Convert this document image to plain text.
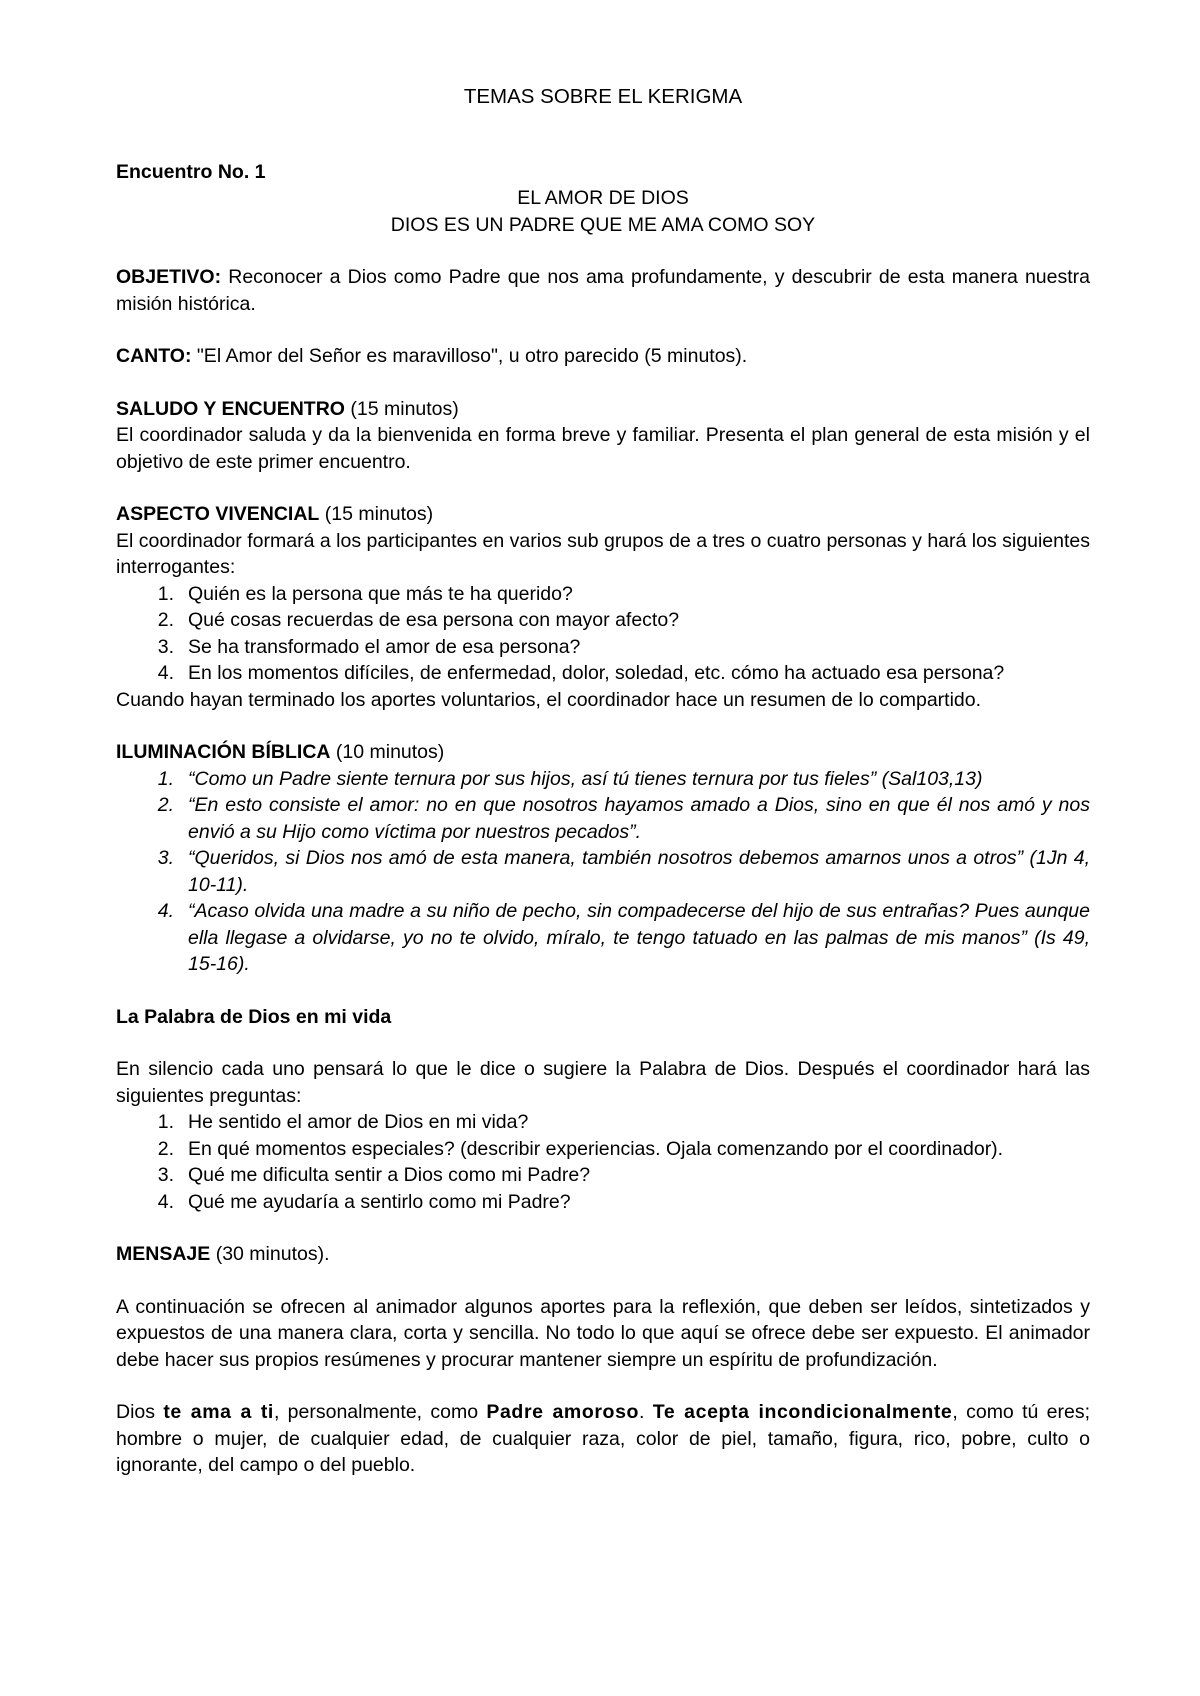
TEMAS SOBRE EL KERIGMA

Encuentro No. 1

EL AMOR DE DIOS

DIOS ES UN PADRE QUE ME AMA COMO SOY

OBJETIVO: Reconocer a Dios como Padre que nos ama profundamente, y descubrir de esta manera nuestra misión histórica.

CANTO: "El Amor del Señor es maravilloso", u otro parecido (5 minutos).

SALUDO Y ENCUENTRO (15 minutos)

El coordinador saluda y da la bienvenida en forma breve y familiar. Presenta el plan general de esta misión y el objetivo de este primer encuentro.

ASPECTO VIVENCIAL (15 minutos)

El coordinador formará a los participantes en varios sub grupos de a tres o cuatro personas y hará los siguientes interrogantes:

1. Quién es la persona que más te ha querido?
2. Qué cosas recuerdas de esa persona con mayor afecto?
3. Se ha transformado el amor de esa persona?
4. En los momentos difíciles, de enfermedad, dolor, soledad, etc. cómo ha actuado esa persona?

Cuando hayan terminado los aportes voluntarios, el coordinador hace un resumen de lo compartido.

ILUMINACIÓN BÍBLICA (10 minutos)

1. “Como un Padre siente ternura por sus hijos, así tú tienes ternura por tus fieles” (Sal103,13)
2. “En esto consiste el amor: no en que nosotros hayamos amado a Dios, sino en que él nos amó y nos envió a su Hijo como víctima por nuestros pecados”.
3. “Queridos, si Dios nos amó de esta manera, también nosotros debemos amarnos unos a otros” (1Jn 4, 10-11).
4. “Acaso olvida una madre a su niño de pecho, sin compadecerse del hijo de sus entrañas? Pues aunque ella llegase a olvidarse, yo no te olvido, míralo, te tengo tatuado en las palmas de mis manos” (Is 49, 15-16).

La Palabra de Dios en mi vida

En silencio cada uno pensará lo que le dice o sugiere la Palabra de Dios. Después el coordinador hará las siguientes preguntas:

1. He sentido el amor de Dios en mi vida?
2. En qué momentos especiales? (describir experiencias. Ojala comenzando por el coordinador).
3. Qué me dificulta sentir a Dios como mi Padre?
4. Qué me ayudaría a sentirlo como mi Padre?

MENSAJE (30 minutos).

A continuación se ofrecen al animador algunos aportes para la reflexión, que deben ser leídos, sintetizados y expuestos de una manera clara, corta y sencilla. No todo lo que aquí se ofrece debe ser expuesto. El animador debe hacer sus propios resúmenes y procurar mantener siempre un espíritu de profundización.

Dios te ama a ti, personalmente, como Padre amoroso. Te acepta incondicionalmente, como tú eres; hombre o mujer, de cualquier edad, de cualquier raza, color de piel, tamaño, figura, rico, pobre, culto o ignorante, del campo o del pueblo.
